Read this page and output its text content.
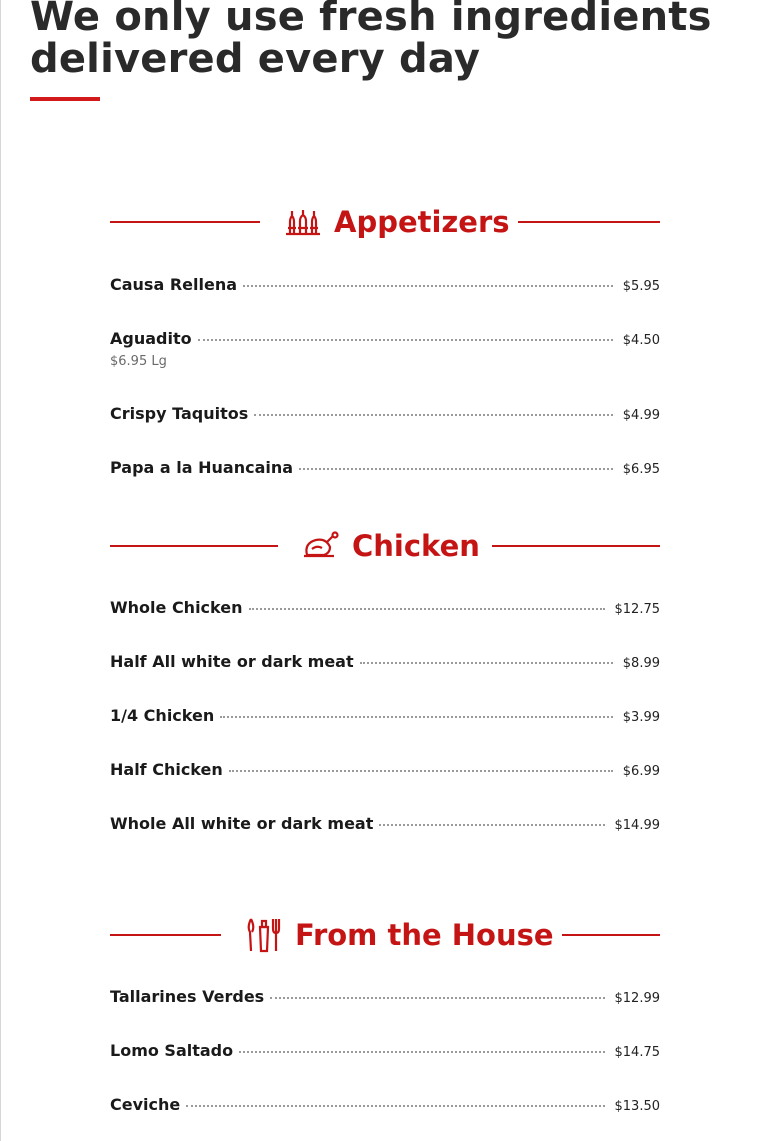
We only use fresh ingredients delivered every day
Appetizers
Causa Rellena	$5.95
Aguadito	$4.50
$6.95 Lg
Crispy Taquitos	$4.99
Papa a la Huancaina	$6.95
Chicken
Whole Chicken	$12.75
Half All white or dark meat	$8.99
1/4 Chicken	$3.99
Half Chicken	$6.99
Whole All white or dark meat	$14.99
From the House
Tallarines Verdes	$12.99
Lomo Saltado	$14.75
Ceviche	$13.50
